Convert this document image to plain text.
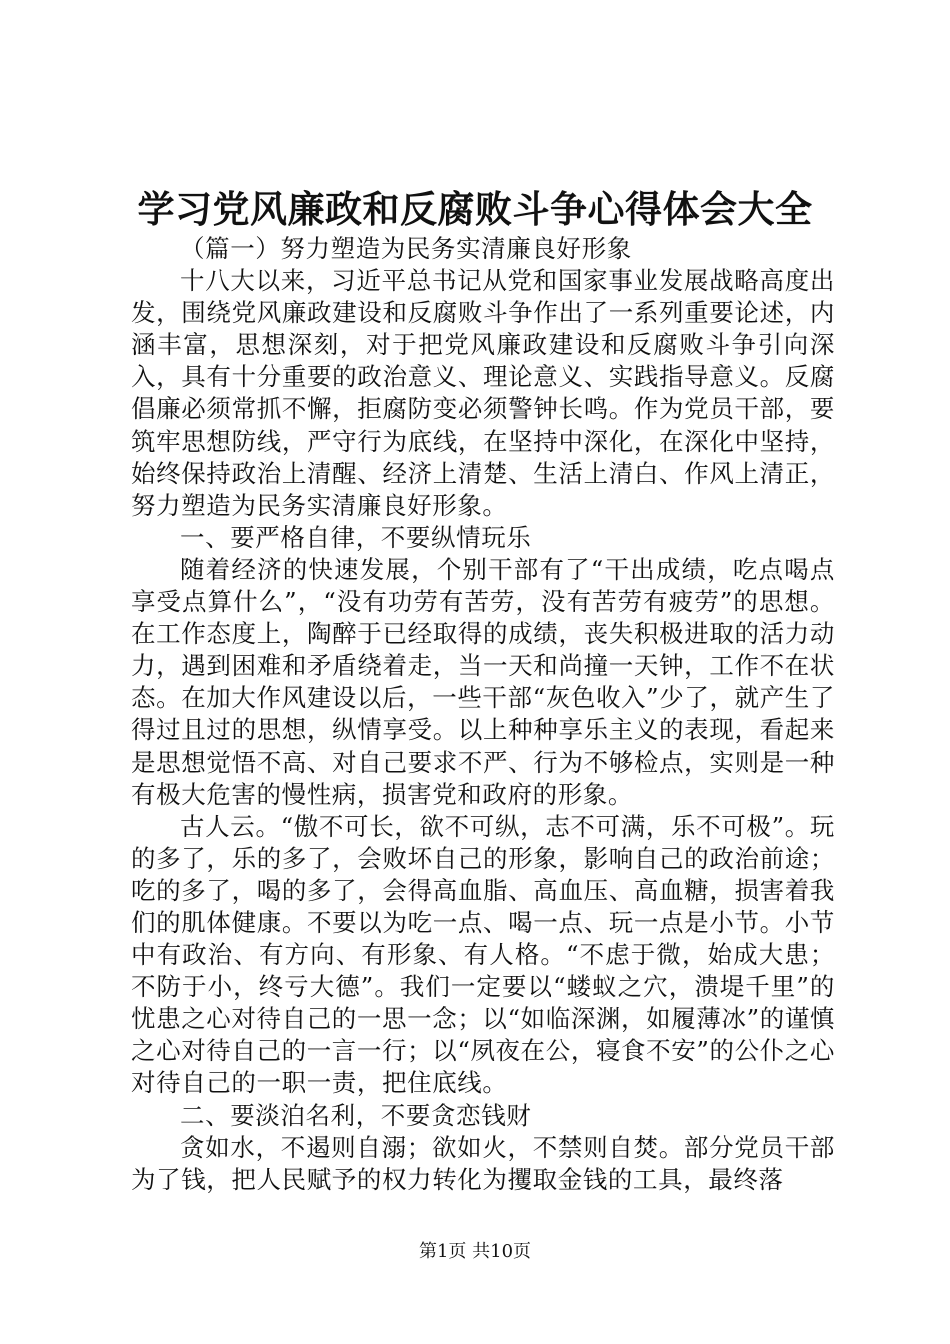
学习党风廉政和反腐败斗争心得体会大全

（篇一）努力塑造为民务实清廉良好形象

十八大以来，习近平总书记从党和国家事业发展战略高度出发，围绕党风廉政建设和反腐败斗争作出了一系列重要论述，内涵丰富，思想深刻，对于把党风廉政建设和反腐败斗争引向深入，具有十分重要的政治意义、理论意义、实践指导意义。反腐倡廉必须常抓不懈，拒腐防变必须警钟长鸣。作为党员干部，要筑牢思想防线，严守行为底线，在坚持中深化，在深化中坚持，始终保持政治上清醒、经济上清楚、生活上清白、作风上清正，努力塑造为民务实清廉良好形象。

一、要严格自律，不要纵情玩乐

随着经济的快速发展，个别干部有了“干出成绩，吃点喝点享受点算什么”，“没有功劳有苦劳，没有苦劳有疲劳”的思想。在工作态度上，陶醉于已经取得的成绩，丧失积极进取的活力动力，遇到困难和矛盾绕着走，当一天和尚撞一天钟，工作不在状态。在加大作风建设以后，一些干部“灰色收入”少了，就产生了得过且过的思想，纵情享受。以上种种享乐主义的表现，看起来是思想觉悟不高、对自己要求不严、行为不够检点，实则是一种有极大危害的慢性病，损害党和政府的形象。

古人云。“傲不可长，欲不可纵，志不可满，乐不可极”。玩的多了，乐的多了，会败坏自己的形象，影响自己的政治前途；吃的多了，喝的多了，会得高血脂、高血压、高血糖，损害着我们的肌体健康。不要以为吃一点、喝一点、玩一点是小节。小节中有政治、有方向、有形象、有人格。“不虑于微，始成大患；不防于小，终亏大德”。我们一定要以“蝼蚁之穴，溃堤千里”的忧患之心对待自己的一思一念；以“如临深渊，如履薄冰”的谨慎之心对待自己的一言一行；以“夙夜在公，寝食不安”的公仆之心对待自己的一职一责，把住底线。

二、要淡泊名利，不要贪恋钱财

贪如水，不遏则自溺；欲如火，不禁则自焚。部分党员干部为了钱，把人民赋予的权力转化为攫取金钱的工具，最终落

第1页 共10页
